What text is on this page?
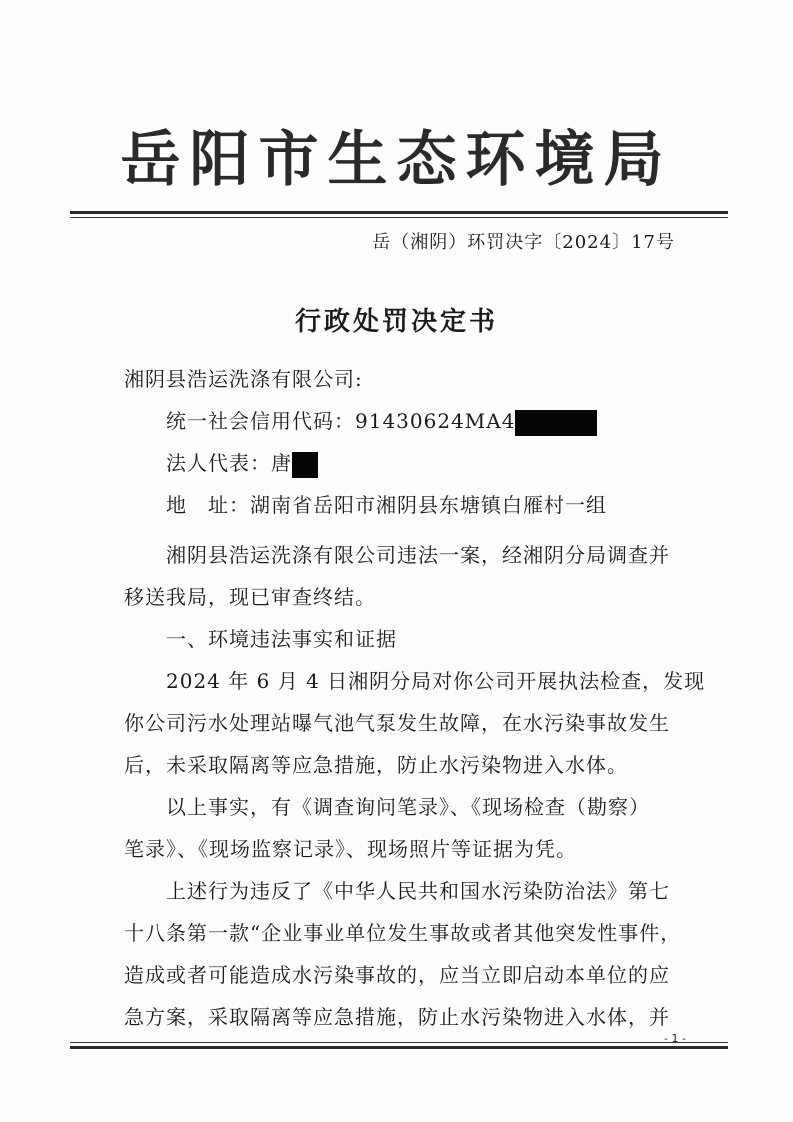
岳阳市生态环境局
岳（湘阴）环罚决字〔2024〕17号
行政处罚决定书
湘阴县浩运洗涤有限公司:
统一社会信用代码：91430624MA4
法人代表：唐
地　址：湖南省岳阳市湘阴县东塘镇白雁村一组
湘阴县浩运洗涤有限公司违法一案，经湘阴分局调查并
移送我局，现已审查终结。
一、环境违法事实和证据
2024 年 6 月 4 日湘阴分局对你公司开展执法检查，发现
你公司污水处理站曝气池气泵发生故障，在水污染事故发生
后，未采取隔离等应急措施，防止水污染物进入水体。
以上事实，有《调查询问笔录》、《现场检查（勘察）
笔录》、《现场监察记录》、现场照片等证据为凭。
上述行为违反了《中华人民共和国水污染防治法》第七
十八条第一款“企业事业单位发生事故或者其他突发性事件，
造成或者可能造成水污染事故的，应当立即启动本单位的应
急方案，采取隔离等应急措施，防止水污染物进入水体，并
- 1 -
